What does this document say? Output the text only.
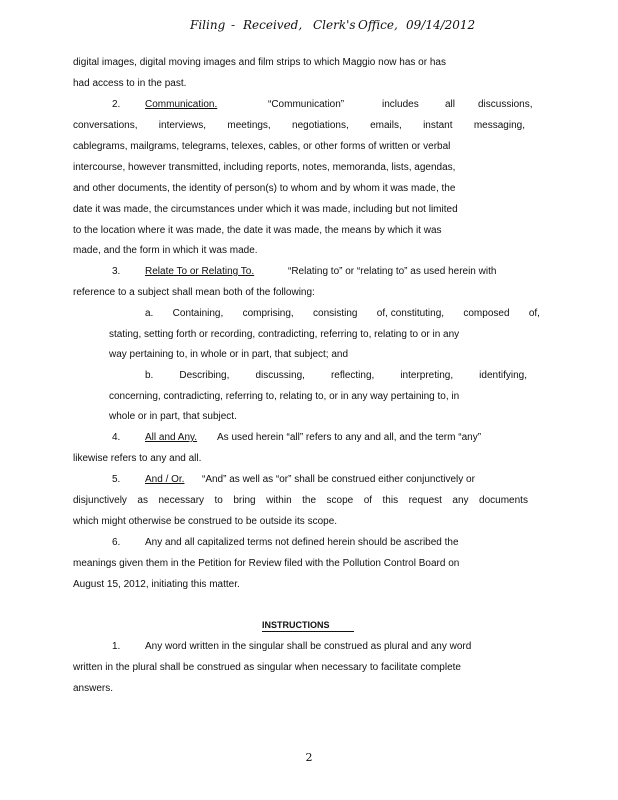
Filing - Received, Clerk's Office, 09/14/2012
digital images, digital moving images and film strips to which Maggio now has or has
had access to in the past.
2. Communication.	“Communication”	includes	all discussions,
conversations, interviews, meetings, negotiations, emails, instant messaging,
cablegrams, mailgrams, telegrams, telexes, cables, or other forms of written or verbal
intercourse, however transmitted, including reports, notes, memoranda, lists, agendas,
and other documents, the identity of person(s) to whom and by whom it was made, the
date it was made, the circumstances under which it was made, including but not limited
to the location where it was made, the date it was made, the means by which it was
made, and the form in which it was made.
3. Relate To or Relating To.	“Relating to” or “relating to” as used herein with
reference to a subject shall mean both of the following:
a. Containing, comprising, consisting of, constituting, composed of,
stating, setting forth or recording, contradicting, referring to, relating to or in any
way pertaining to, in whole or in part, that subject; and
b.	Describing,	discussing,	reflecting,	interpreting,	identifying,
concerning, contradicting, referring to, relating to, or in any way pertaining to, in
whole or in part, that subject.
4. All and Any. As used herein “all” refers to any and all, and the term “any”
likewise refers to any and all.
5. And / Or. “And” as well as “or” shall be construed either conjunctively or
disjunctively as necessary to bring within the scope of this request any documents
which might otherwise be construed to be outside its scope.
6. Any and all capitalized terms not defined herein should be ascribed the
meanings given them in the Petition for Review filed with the Pollution Control Board on
August 15, 2012, initiating this matter.
INSTRUCTIONS
1. Any word written in the singular shall be construed as plural and any word
written in the plural shall be construed as singular when necessary to facilitate complete
answers.
2
